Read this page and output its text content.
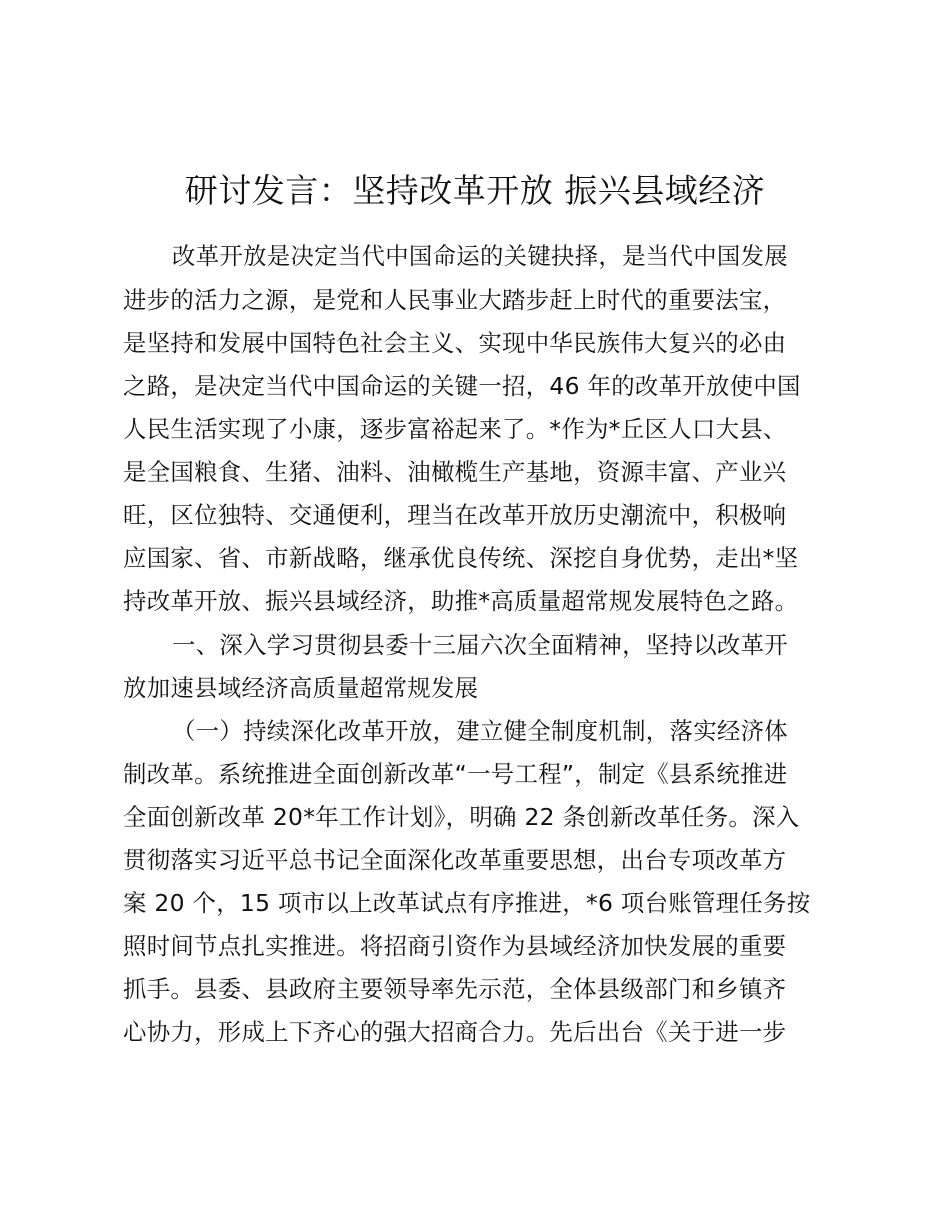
研讨发言：坚持改革开放 振兴县域经济
改革开放是决定当代中国命运的关键抉择，是当代中国发展
进步的活力之源，是党和人民事业大踏步赶上时代的重要法宝，
是坚持和发展中国特色社会主义、实现中华民族伟大复兴的必由
之路，是决定当代中国命运的关键一招，46 年的改革开放使中国
人民生活实现了小康，逐步富裕起来了。*作为*丘区人口大县、
是全国粮食、生猪、油料、油橄榄生产基地，资源丰富、产业兴
旺，区位独特、交通便利，理当在改革开放历史潮流中，积极响
应国家、省、市新战略，继承优良传统、深挖自身优势，走出*坚
持改革开放、振兴县域经济，助推*高质量超常规发展特色之路。
一、深入学习贯彻县委十三届六次全面精神，坚持以改革开
放加速县域经济高质量超常规发展
（一）持续深化改革开放，建立健全制度机制，落实经济体
制改革。系统推进全面创新改革“一号工程”，制定《县系统推进
全面创新改革 20*年工作计划》，明确 22 条创新改革任务。深入
贯彻落实习近平总书记全面深化改革重要思想，出台专项改革方
案 20 个，15 项市以上改革试点有序推进，*6 项台账管理任务按
照时间节点扎实推进。将招商引资作为县域经济加快发展的重要
抓手。县委、县政府主要领导率先示范，全体县级部门和乡镇齐
心协力，形成上下齐心的强大招商合力。先后出台《关于进一步
